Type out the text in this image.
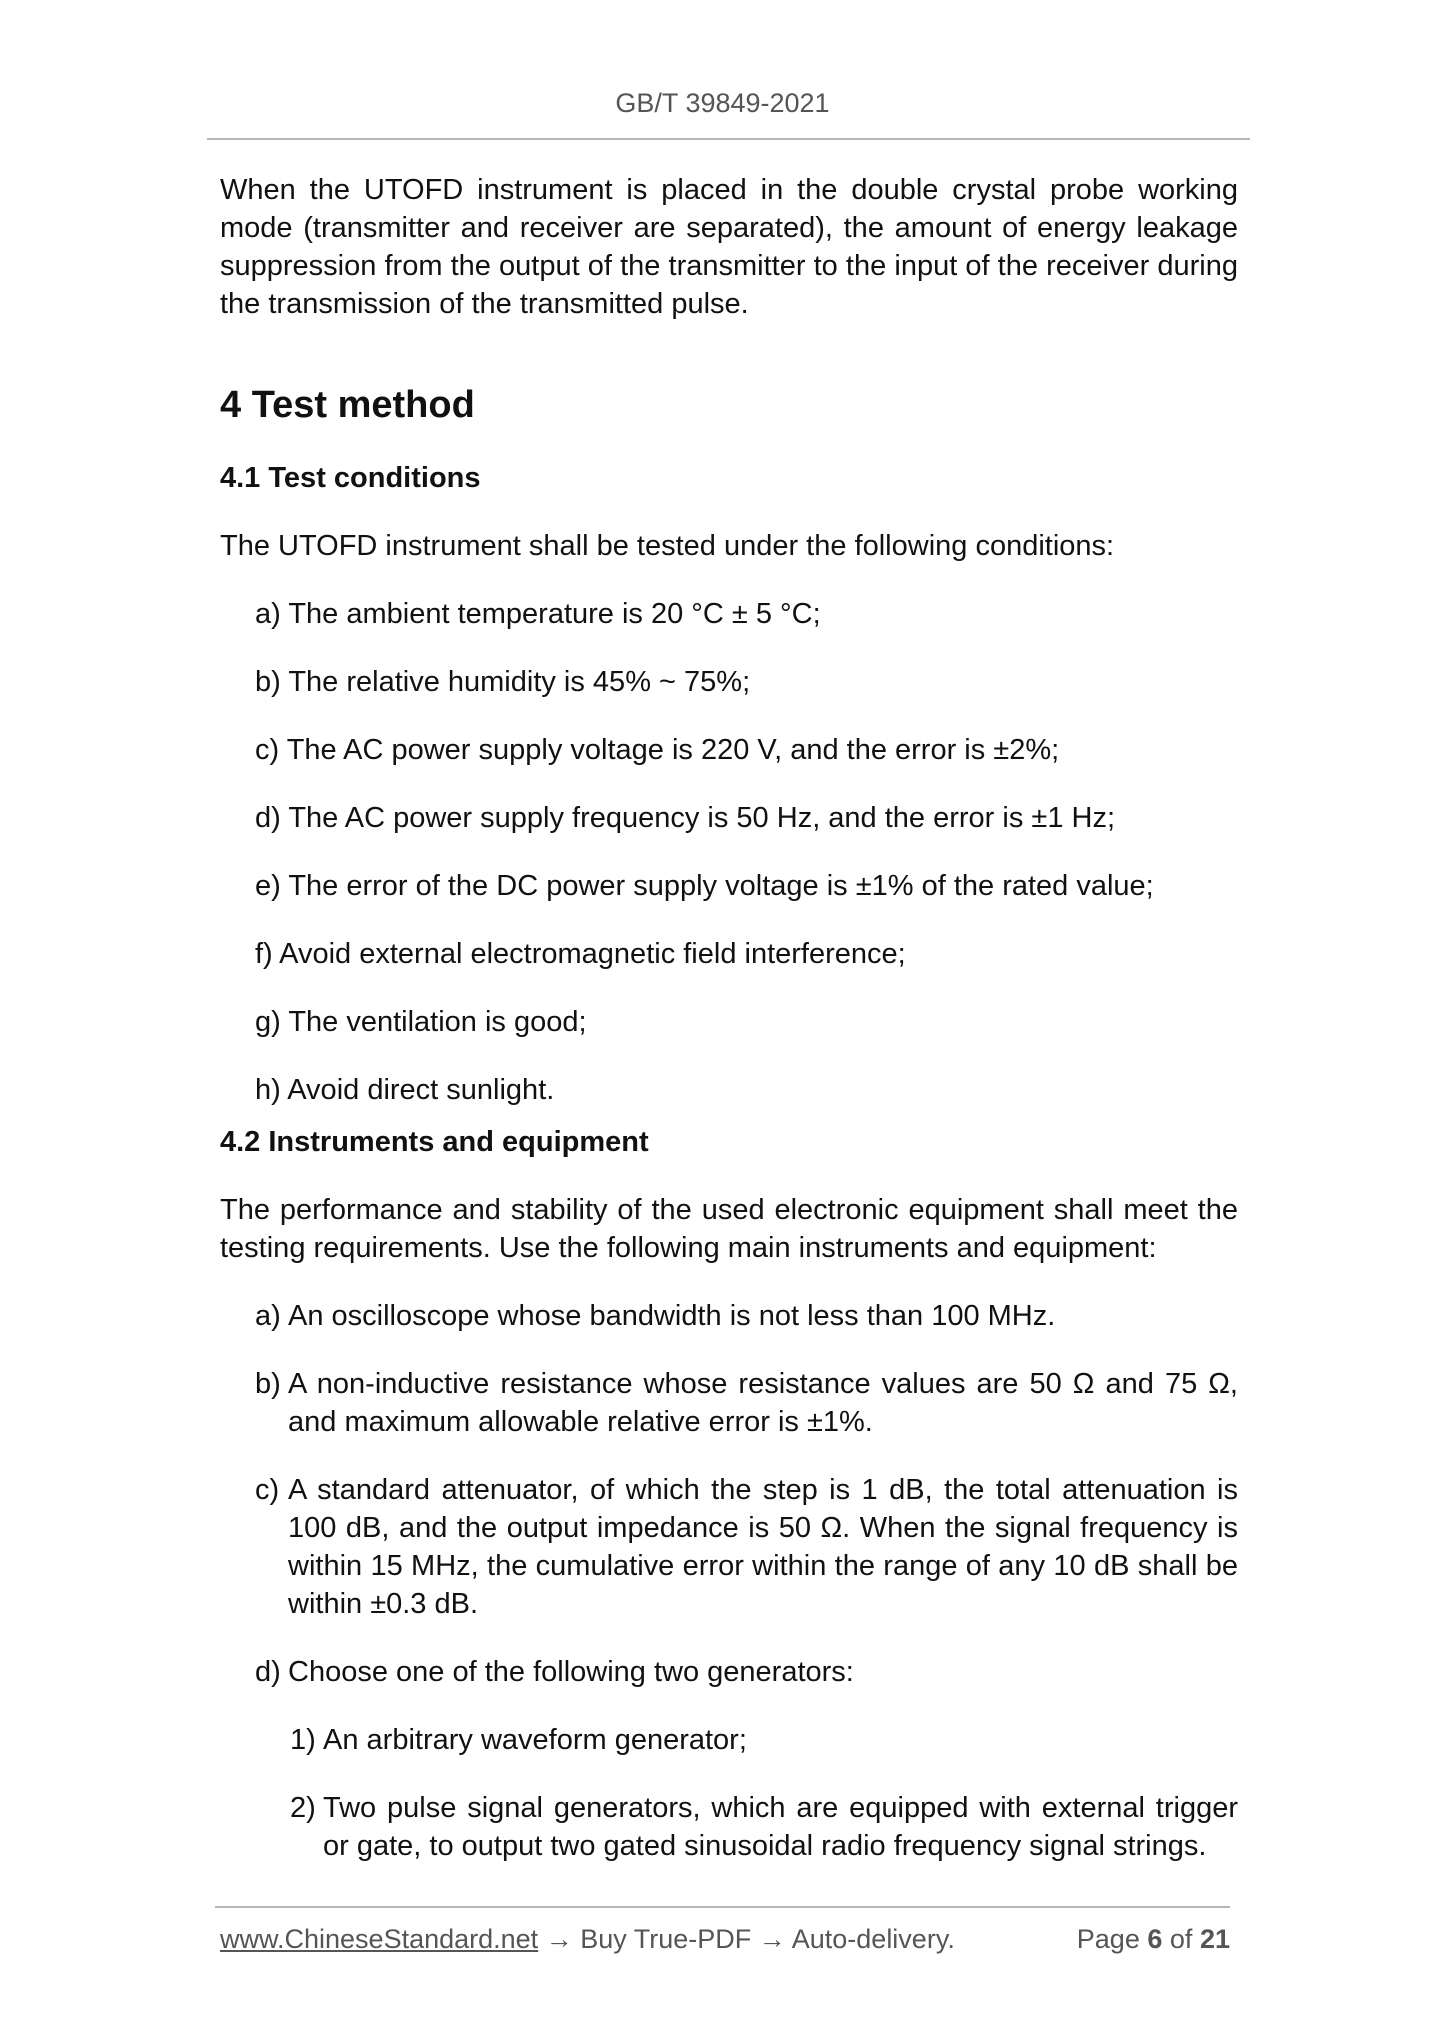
GB/T 39849-2021

When the UTOFD instrument is placed in the double crystal probe working mode (transmitter and receiver are separated), the amount of energy leakage suppression from the output of the transmitter to the input of the receiver during the transmission of the transmitted pulse.

4 Test method
4.1 Test conditions

The UTOFD instrument shall be tested under the following conditions:

a) The ambient temperature is 20 °C ± 5 °C;
b) The relative humidity is 45% ~ 75%;
c) The AC power supply voltage is 220 V, and the error is ±2%;
d) The AC power supply frequency is 50 Hz, and the error is ±1 Hz;
e) The error of the DC power supply voltage is ±1% of the rated value;
f) Avoid external electromagnetic field interference;
g) The ventilation is good;
h) Avoid direct sunlight.
4.2 Instruments and equipment

The performance and stability of the used electronic equipment shall meet the testing requirements. Use the following main instruments and equipment:

a) An oscilloscope whose bandwidth is not less than 100 MHz.
b) A non-inductive resistance whose resistance values are 50 Ω and 75 Ω, and maximum allowable relative error is ±1%.
c) A standard attenuator, of which the step is 1 dB, the total attenuation is 100 dB, and the output impedance is 50 Ω. When the signal frequency is within 15 MHz, the cumulative error within the range of any 10 dB shall be within ±0.3 dB.
d) Choose one of the following two generators:
1) An arbitrary waveform generator;
2) Two pulse signal generators, which are equipped with external trigger or gate, to output two gated sinusoidal radio frequency signal strings.
www.ChineseStandard.net → Buy True-PDF → Auto-delivery.	Page 6 of 21
